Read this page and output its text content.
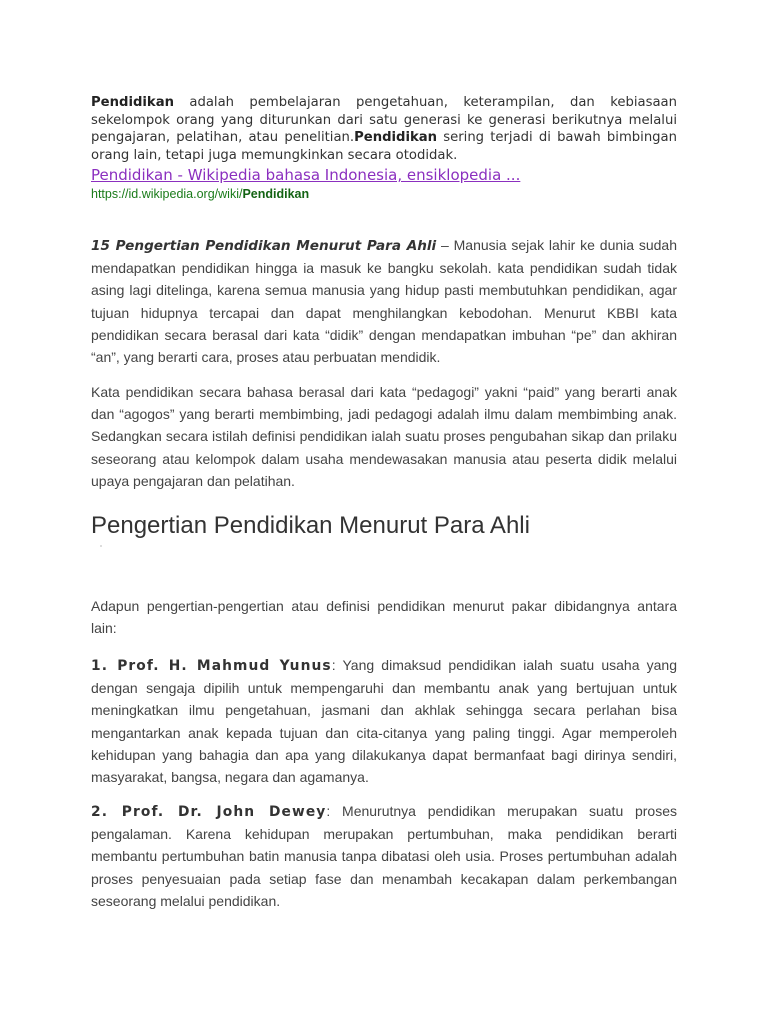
Pendidikan adalah pembelajaran pengetahuan, keterampilan, dan kebiasaan sekelompok orang yang diturunkan dari satu generasi ke generasi berikutnya melalui pengajaran, pelatihan, atau penelitian.Pendidikan sering terjadi di bawah bimbingan orang lain, tetapi juga memungkinkan secara otodidak.
Pendidikan - Wikipedia bahasa Indonesia, ensiklopedia ...
https://id.wikipedia.org/wiki/Pendidikan
15 Pengertian Pendidikan Menurut Para Ahli – Manusia sejak lahir ke dunia sudah mendapatkan pendidikan hingga ia masuk ke bangku sekolah. kata pendidikan sudah tidak asing lagi ditelinga, karena semua manusia yang hidup pasti membutuhkan pendidikan, agar tujuan hidupnya tercapai dan dapat menghilangkan kebodohan. Menurut KBBI kata pendidikan secara berasal dari kata “didik” dengan mendapatkan imbuhan “pe” dan akhiran “an”, yang berarti cara, proses atau perbuatan mendidik.
Kata pendidikan secara bahasa berasal dari kata “pedagogi” yakni “paid” yang berarti anak dan “agogos” yang berarti membimbing, jadi pedagogi adalah ilmu dalam membimbing anak. Sedangkan secara istilah definisi pendidikan ialah suatu proses pengubahan sikap dan prilaku seseorang atau kelompok dalam usaha mendewasakan manusia atau peserta didik melalui upaya pengajaran dan pelatihan.
Pengertian Pendidikan Menurut Para Ahli
Adapun pengertian-pengertian atau definisi pendidikan menurut pakar dibidangnya antara lain:
1. Prof. H. Mahmud Yunus: Yang dimaksud pendidikan ialah suatu usaha yang dengan sengaja dipilih untuk mempengaruhi dan membantu anak yang bertujuan untuk meningkatkan ilmu pengetahuan, jasmani dan akhlak sehingga secara perlahan bisa mengantarkan anak kepada tujuan dan cita-citanya yang paling tinggi. Agar memperoleh kehidupan yang bahagia dan apa yang dilakukanya dapat bermanfaat bagi dirinya sendiri, masyarakat, bangsa, negara dan agamanya.
2. Prof. Dr. John Dewey: Menurutnya pendidikan merupakan suatu proses pengalaman. Karena kehidupan merupakan pertumbuhan, maka pendidikan berarti membantu pertumbuhan batin manusia tanpa dibatasi oleh usia. Proses pertumbuhan adalah proses penyesuaian pada setiap fase dan menambah kecakapan dalam perkembangan seseorang melalui pendidikan.
